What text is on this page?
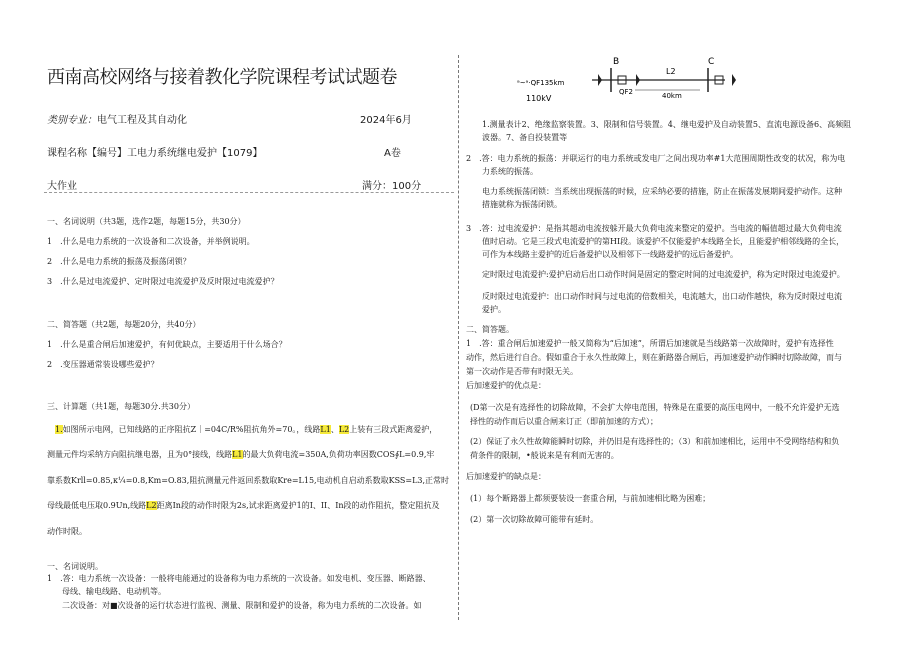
西南高校网络与接着教化学院课程考试试题卷
类别专业：电气工程及其自动化	2024年6月
课程名称【编号】工电力系统继电爱护【1079】	A卷
大作业	满分：100分
一、名词说明（共3题，选作2题，每题15分，共30分）
1　.什么是电力系统的一次设备和二次设备，并举例说明。
2　.什么是电力系统的振荡及振荡闭锁？
3　.什么是过电流爱护、定时限过电流爱护及反时限过电流爱护？
二、简答题（共2题，每题20分，共40分）
1　.什么是重合闸后加速爱护，有何优缺点，主要适用于什么场合？
2　.变压器通常装设哪些爱护？
三、计算题（共1题，每题30分.共30分）
1.如图所示电网，已知线路的正序阻抗Z｜=04C/R%阻抗角外=70。，线路L1、L2上装有三段式距离爱护，
测量元件均采纳方向阻抗继电器，且为0°接线，线路L1的最大负荷电流=350A,负荷功率因数COS∮L=0.9,牢
靠系数Krll=0.85,κ¼=0.8,Km=O.83,阻抗测量元件返回系数取Kre=L15,电动机自启动系数取KSS=L3,正常时
母线最低电压取0.9Un,线路L2距离In段的动作时限为2s,试求距离爱护1的I、II、In段的动作阻抗，整定阻抗及
动作时限。
一、名词说明。
1　.答：电力系统一次设备：一般将电能通过的设备称为电力系统的一次设备。如发电机、变压器、断路器、
母线、输电线路、电动机等。
二次设备：对■次设备的运行状态进行监视、测量、限制和爱护的设备，称为电力系统的二次设备。如
B	C
L2
QF2	40km
ᵃ~ᵃ·QF135km
110kV
1.测量表计2、绝缘监察装置。3、限制和信号装置。4、继电爱护及自动装置5、直流电源设备6、高频阻
波器。7、备自投装置等
2　.答：电力系统的振荡：并联运行的电力系统或发电厂之间出现功率#1大范围周期性改变的状况，称为电
力系统的振荡。
电力系统振荡闭锁：当系统出现振荡的时候，应采纳必要的措施，防止在振荡发展期间爱护动作。这种
措施就称为振荡闭锁。
3　.答：过电流爱护：是指其超动电流按躲开最大负荷电流来整定的爱护。当电流的幅值超过最大负荷电流
值时启动。它是三段式电流爱护的第HI段。该爱护不仅能爱护本线路全长，且能爱护相邻线路的全长，
可作为本线路主爱护的近后备爱护以及相邻下一线路爱护的远后备爱护。
定时限过电流爱护:爱护启动后出口动作时间是固定的整定时间的过电流爱护，称为定时限过电流爱护。
反时限过电流爱护：出口动作时间与过电流的倍数相关，电流越大，出口动作越快，称为反时限过电流
爱护。
二、简答题。
1　.答：重合闸后加速爱护一般又简称为“后加速”，所谓后加速就是当线路第一次故障时，爱护有选择性
动作，然后进行自合。假如重合于永久性故障上，则在新路器合闸后，再加速爱护动作瞬时切除故障，而与
第一次动作是否带有时限无关。
后加速爱护的优点是：
(D第一次是有选择性的切除故障，不会扩大停电范围，特殊是在重要的高压电网中，一般不允许爱护无选
择性的动作而后以重合闸来订正（即前加速的方式）；
(2）保证了永久性故障能瞬时切除，并仍旧是有选择性的；（3）和前加速相比，运用中不受网络结构和负
荷条件的限制，•般说来是有利而无害的。
后加速爱护的缺点是：
(1）每个断路器上都须要装设一套重合闸，与前加速相比略为困难；
(2）第一次切除故障可能带有延时。
